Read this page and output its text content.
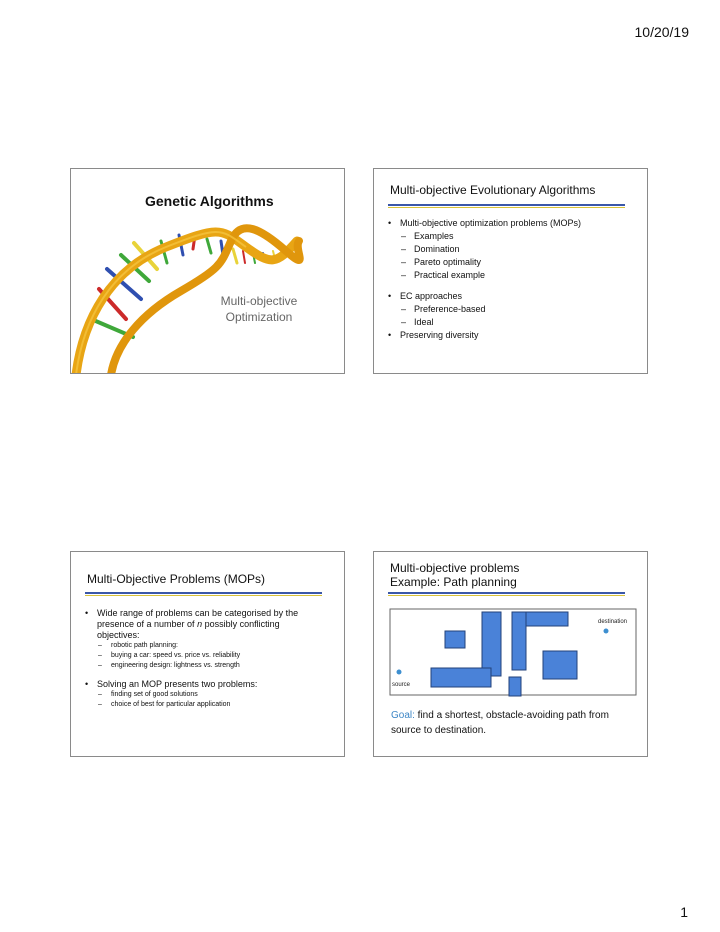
10/20/19
Genetic Algorithms
Multi-objective
Optimization
Multi-objective Evolutionary Algorithms
• Multi-objective optimization problems (MOPs)
– Examples
– Domination
– Pareto optimality
– Practical example
• EC approaches
– Preference-based
– Ideal
• Preserving diversity
Multi-Objective Problems (MOPs)
• Wide range of problems can be categorised by the presence of a number of n possibly conflicting objectives:
– robotic path planning:
– buying a car: speed vs. price vs. reliability
– engineering design: lightness vs. strength
• Solving an MOP presents two problems:
– finding set of good solutions
– choice of best for particular application
Multi-objective problems
Example: Path planning
destination
source
Goal: find a shortest, obstacle-avoiding path from
source to destination.
1
